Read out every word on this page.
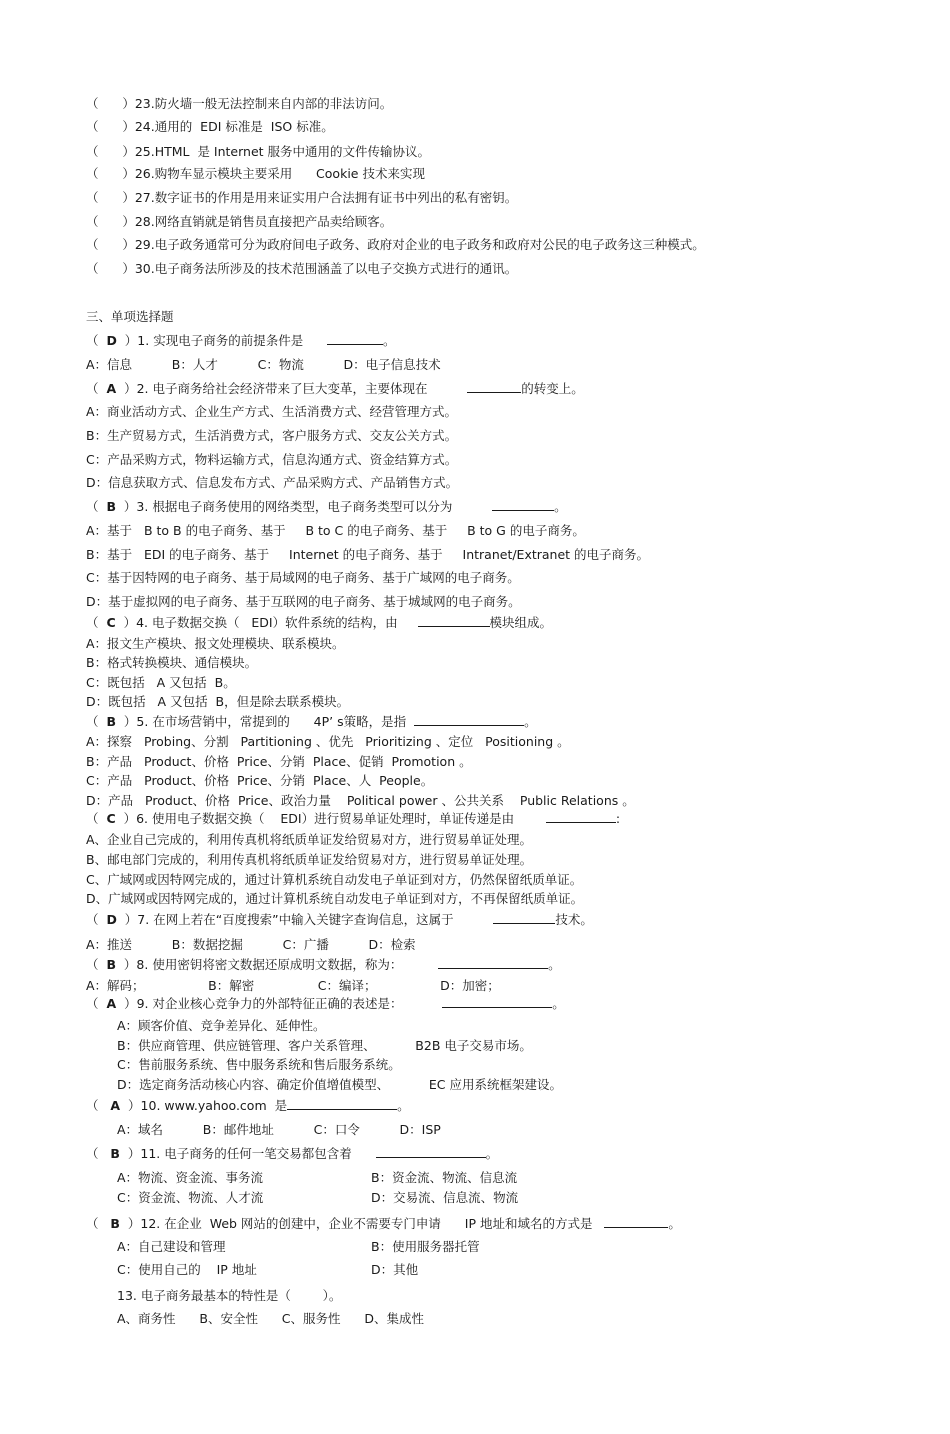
（      ）23.防火墙一般无法控制来自内部的非法访问。
（      ）24.通用的  EDI 标准是  ISO 标准。
（      ）25.HTML  是 Internet 服务中通用的文件传输协议。
（      ）26.购物车显示模块主要采用      Cookie 技术来实现
（      ）27.数字证书的作用是用来证实用户合法拥有证书中列出的私有密钥。
（      ）28.网络直销就是销售员直接把产品卖给顾客。
（      ）29.电子政务通常可分为政府间电子政务、政府对企业的电子政务和政府对公民的电子政务这三种模式。
（      ）30.电子商务法所涉及的技术范围涵盖了以电子交换方式进行的通讯。
三、单项选择题
（  D  ）1. 实现电子商务的前提条件是	。
（  A  ）2. 电子商务给社会经济带来了巨大变革，主要体现在	的转变上。
（  B  ）3. 根据电子商务使用的网络类型，电子商务类型可以分为	。
（  C  ）4. 电子数据交换（   EDI）软件系统的结构，由	模块组成。
（  B  ）5. 在市场营销中，常提到的      4P’ s策略，是指	。
（  C  ）6. 使用电子数据交换（    EDI）进行贸易单证处理时，单证传递是由	:
（  D  ）7. 在网上若在“百度搜索”中输入关键字查询信息，这属于	技术。
（  B  ）8. 使用密钥将密文数据还原成明文数据，称为：	。
（  A  ）9. 对企业核心竞争力的外部特征正确的表述是：	。
（   A  ）10. www.yahoo.com  是	。
（   B  ）11. 电子商务的任何一笔交易都包含着	。
（   B  ）12. 在企业  Web 网站的创建中，企业不需要专门申请      IP 地址和域名的方式是	。
A：信息          B：人才          C：物流          D：电子信息技术
A：商业活动方式、企业生产方式、生活消费方式、经营管理方式。
B：生产贸易方式，生活消费方式，客户服务方式、交友公关方式。
C：产品采购方式，物料运输方式，信息沟通方式、资金结算方式。
D：信息获取方式、信息发布方式、产品采购方式、产品销售方式。
A：基于   B to B 的电子商务、基于     B to C 的电子商务、基于     B to G 的电子商务。
B：基于   EDI 的电子商务、基于     Internet 的电子商务、基于     Intranet/Extranet 的电子商务。
C：基于因特网的电子商务、基于局域网的电子商务、基于广域网的电子商务。
D：基于虚拟网的电子商务、基于互联网的电子商务、基于城域网的电子商务。
A：报文生产模块、报文处理模块、联系模块。
B：格式转换模块、通信模块。
C：既包括   A 又包括  B。
D：既包括   A 又包括  B，但是除去联系模块。
A：探察   Probing、分割   Partitioning 、优先   Prioritizing 、定位   Positioning 。
B：产品   Product、价格  Price、分销  Place、促销  Promotion 。
C：产品   Product、价格  Price、分销  Place、人  People。
D：产品   Product、价格  Price、政治力量    Political power 、公共关系    Public Relations 。
A、企业自己完成的，利用传真机将纸质单证发给贸易对方，进行贸易单证处理。
B、邮电部门完成的，利用传真机将纸质单证发给贸易对方，进行贸易单证处理。
C、广域网或因特网完成的，通过计算机系统自动发电子单证到对方，仍然保留纸质单证。
D、广域网或因特网完成的，通过计算机系统自动发电子单证到对方，不再保留纸质单证。
A：推送          B：数据挖掘          C：广播          D：检索
A：解码；                B：解密                C：编译；                D：加密；
A：顾客价值、竞争差异化、延伸性。
B：供应商管理、供应链管理、客户关系管理、          B2B 电子交易市场。
C：售前服务系统、售中服务系统和售后服务系统。
D：选定商务活动核心内容、确定价值增值模型、          EC 应用系统框架建设。
A：域名          B：邮件地址          C：口令          D：ISP
A：物流、资金流、事务流	B：资金流、物流、信息流
C：资金流、物流、人才流	D：交易流、信息流、物流
A：自己建设和管理	B：使用服务器托管
C：使用自己的    IP 地址	D：其他
13. 电子商务最基本的特性是（        ）。
A、商务性      B、安全性      C、服务性      D、集成性
